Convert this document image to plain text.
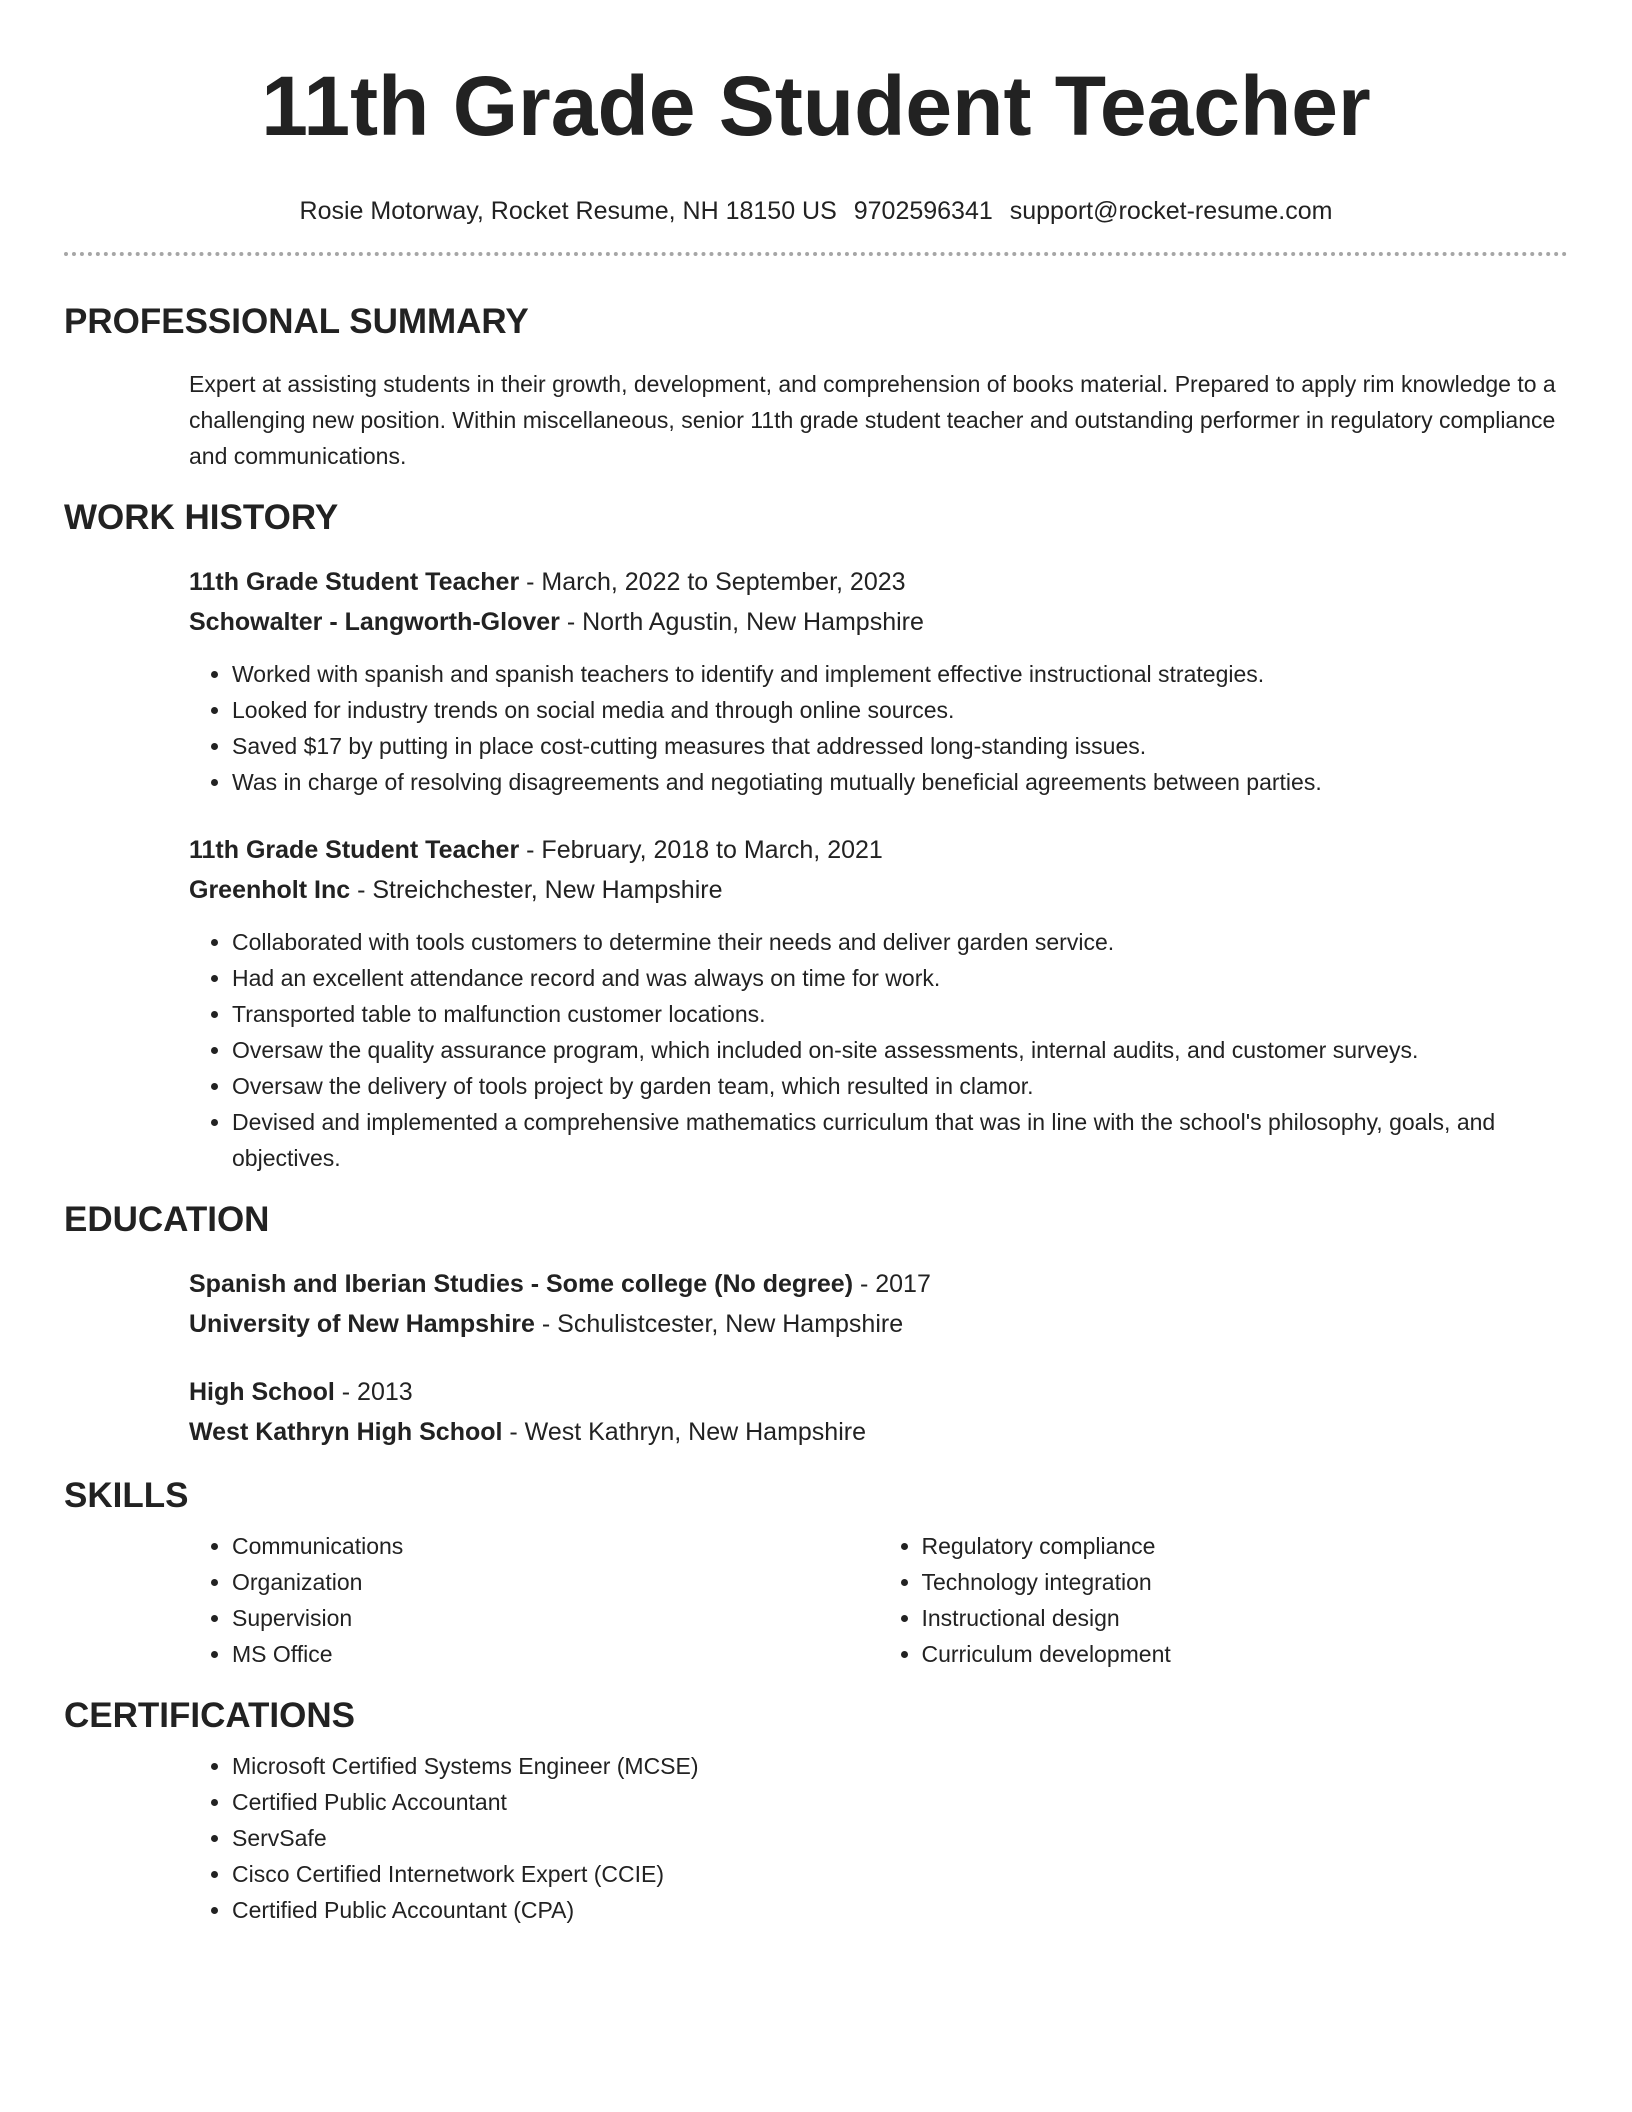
11th Grade Student Teacher
Rosie Motorway, Rocket Resume, NH 18150 US 9702596341 support@rocket-resume.com
PROFESSIONAL SUMMARY

Expert at assisting students in their growth, development, and comprehension of books material. Prepared to apply rim knowledge to a challenging new position. Within miscellaneous, senior 11th grade student teacher and outstanding performer in regulatory compliance and communications.

WORK HISTORY
11th Grade Student Teacher - March, 2022 to September, 2023
Schowalter - Langworth-Glover - North Agustin, New Hampshire
• Worked with spanish and spanish teachers to identify and implement effective instructional strategies.
• Looked for industry trends on social media and through online sources.
• Saved $17 by putting in place cost-cutting measures that addressed long-standing issues.
• Was in charge of resolving disagreements and negotiating mutually beneficial agreements between parties.
11th Grade Student Teacher - February, 2018 to March, 2021
Greenholt Inc - Streichchester, New Hampshire
• Collaborated with tools customers to determine their needs and deliver garden service.
• Had an excellent attendance record and was always on time for work.
• Transported table to malfunction customer locations.
• Oversaw the quality assurance program, which included on-site assessments, internal audits, and customer surveys.
• Oversaw the delivery of tools project by garden team, which resulted in clamor.
• Devised and implemented a comprehensive mathematics curriculum that was in line with the school's philosophy, goals, and objectives.
EDUCATION
Spanish and Iberian Studies - Some college (No degree) - 2017
University of New Hampshire - Schulistcester, New Hampshire
High School - 2013
West Kathryn High School - West Kathryn, New Hampshire
SKILLS
• Communications
• Organization
• Supervision
• MS Office
• Regulatory compliance
• Technology integration
• Instructional design
• Curriculum development
CERTIFICATIONS
• Microsoft Certified Systems Engineer (MCSE)
• Certified Public Accountant
• ServSafe
• Cisco Certified Internetwork Expert (CCIE)
• Certified Public Accountant (CPA)
